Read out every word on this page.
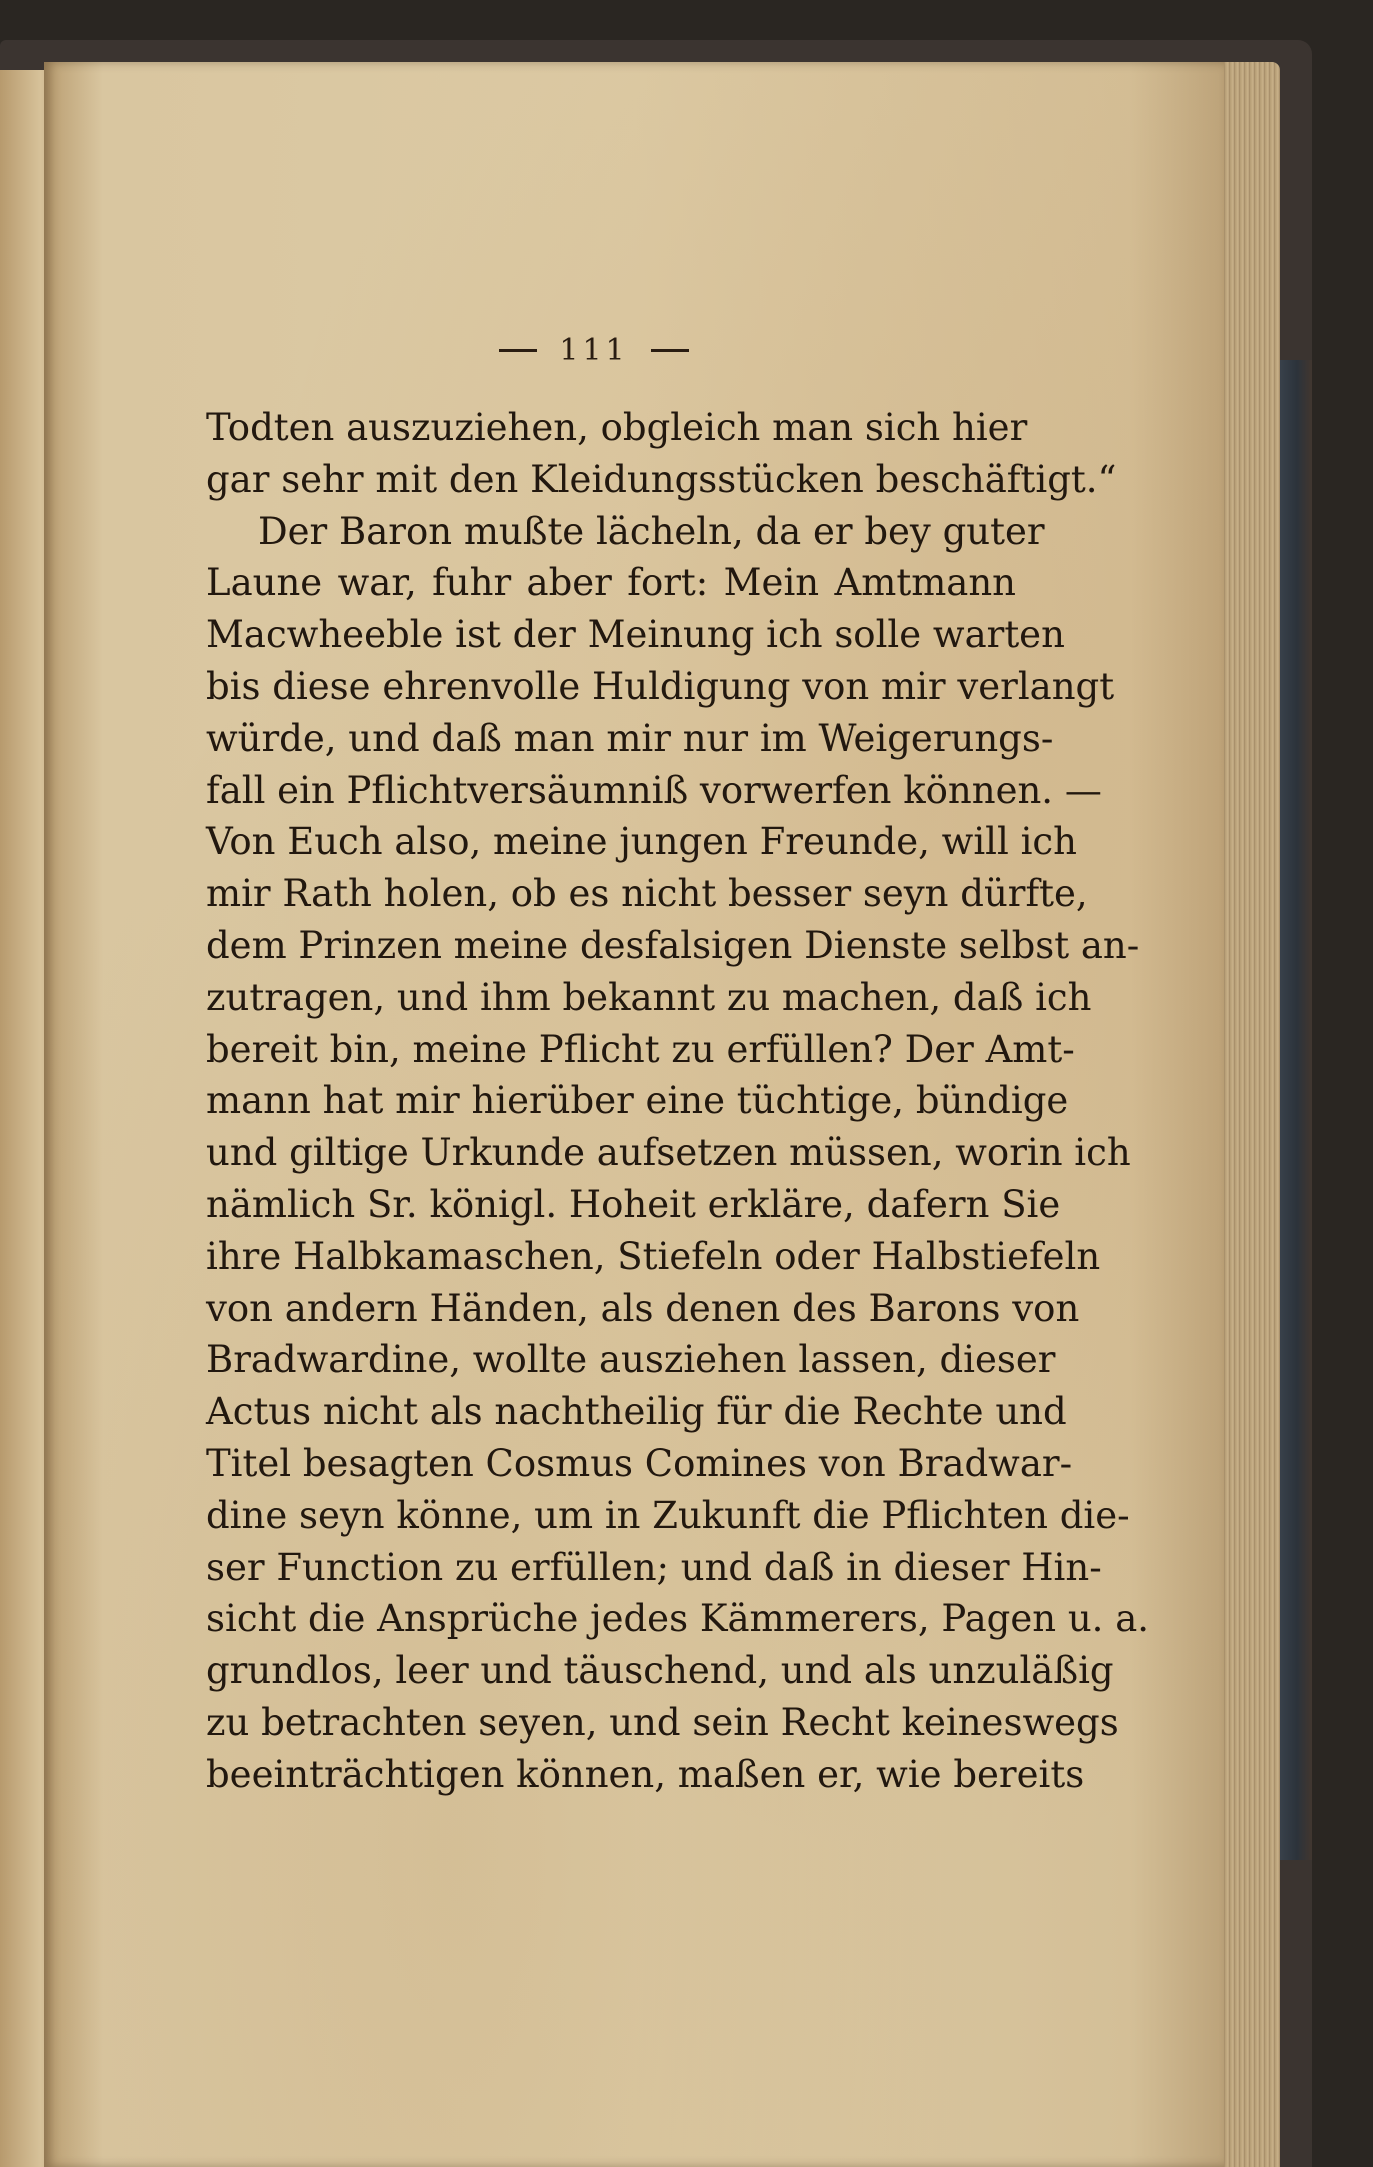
111
Todten auszuziehen, obgleich man sich hier
gar sehr mit den Kleidungsstücken beschäftigt.“
Der Baron mußte lächeln, da er bey guter
Laune war, fuhr aber fort: Mein Amtmann
Macwheeble ist der Meinung ich solle warten
bis diese ehrenvolle Huldigung von mir verlangt
würde, und daß man mir nur im Weigerungs-
fall ein Pflichtversäumniß vorwerfen können. —
Von Euch also, meine jungen Freunde, will ich
mir Rath holen, ob es nicht besser seyn dürfte,
dem Prinzen meine desfalsigen Dienste selbst an-
zutragen, und ihm bekannt zu machen, daß ich
bereit bin, meine Pflicht zu erfüllen? Der Amt-
mann hat mir hierüber eine tüchtige, bündige
und giltige Urkunde aufsetzen müssen, worin ich
nämlich Sr. königl. Hoheit erkläre, dafern Sie
ihre Halbkamaschen, Stiefeln oder Halbstiefeln
von andern Händen, als denen des Barons von
Bradwardine, wollte ausziehen lassen, dieser
Actus nicht als nachtheilig für die Rechte und
Titel besagten Cosmus Comines von Bradwar-
dine seyn könne, um in Zukunft die Pflichten die-
ser Function zu erfüllen; und daß in dieser Hin-
sicht die Ansprüche jedes Kämmerers, Pagen u. a.
grundlos, leer und täuschend, und als unzuläßig
zu betrachten seyen, und sein Recht keineswegs
beeinträchtigen können, maßen er, wie bereits
